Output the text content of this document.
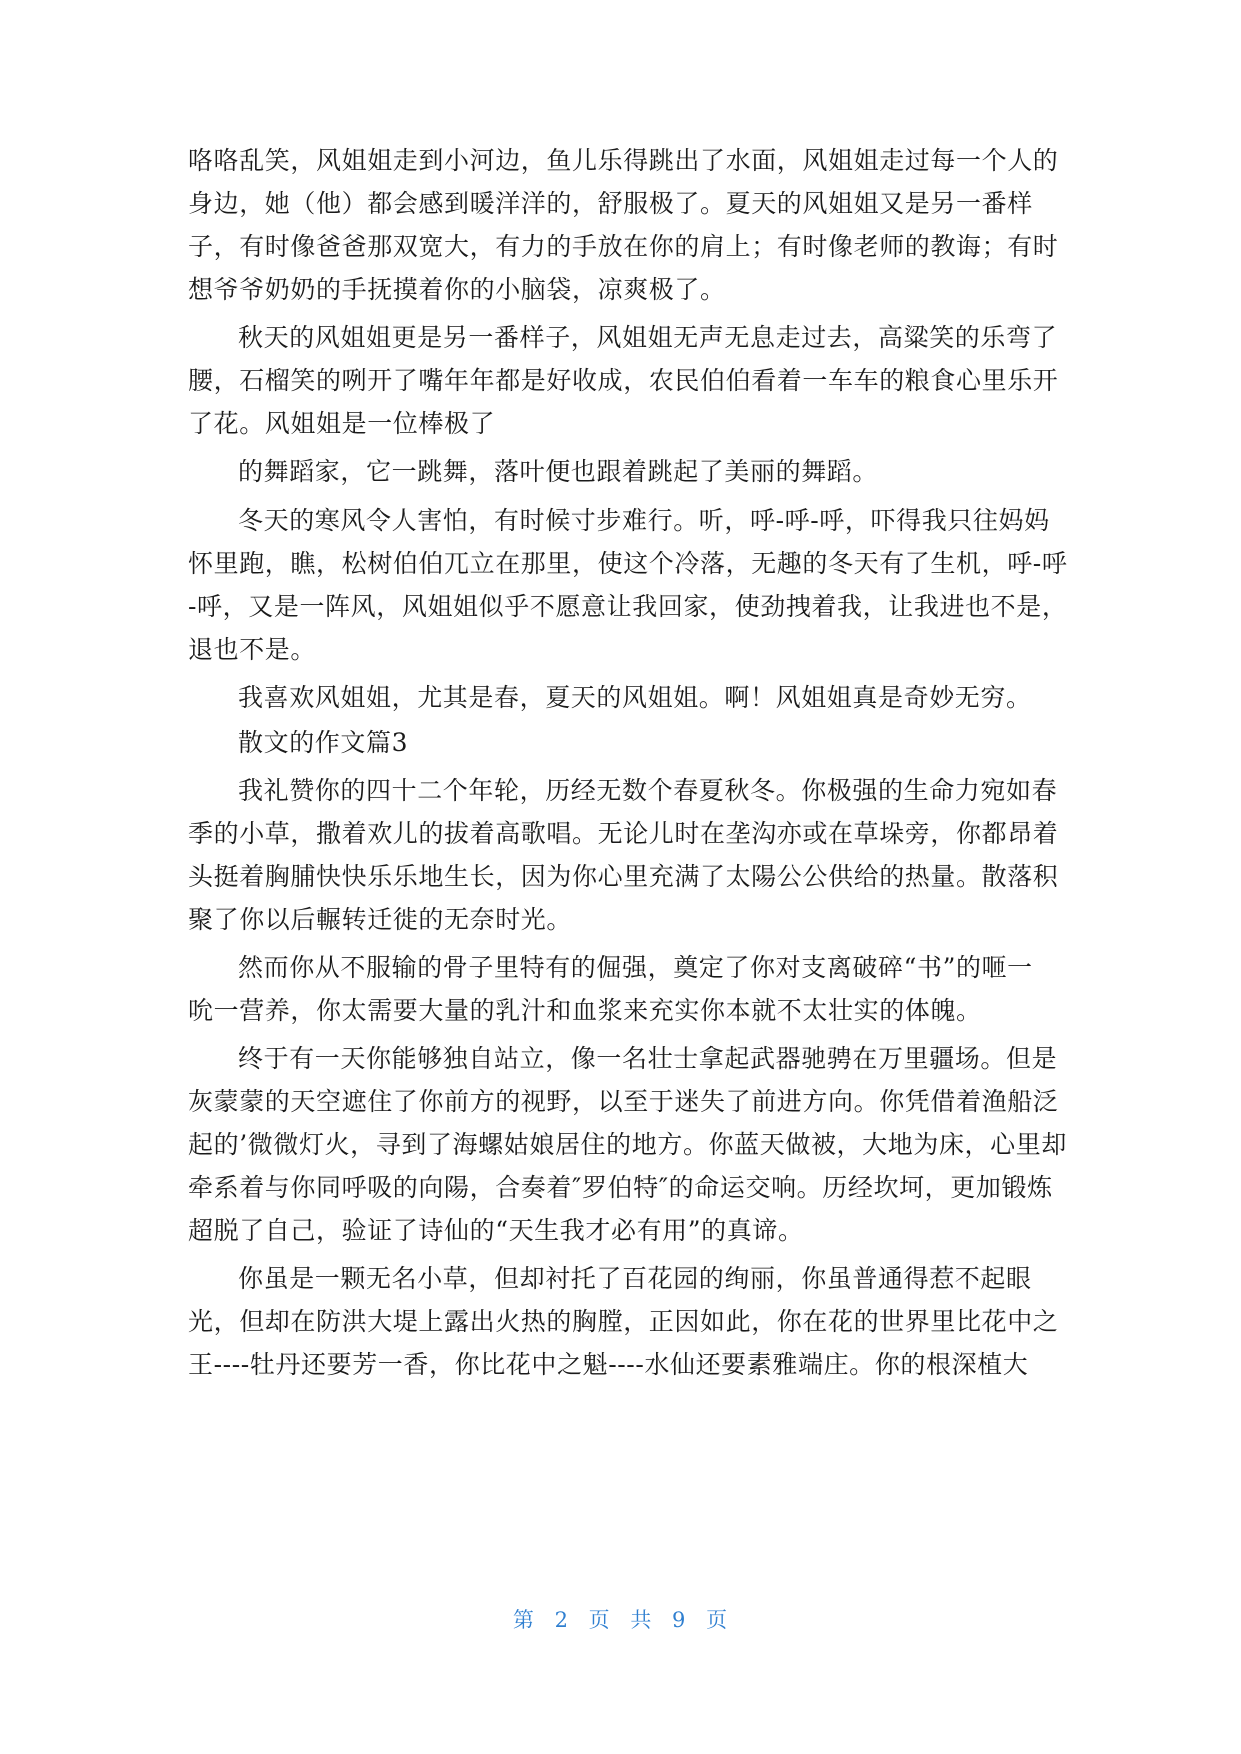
咯咯乱笑，风姐姐走到小河边，鱼儿乐得跳出了水面，风姐姐走过每一个人的
身边，她（他）都会感到暖洋洋的，舒服极了。夏天的风姐姐又是另一番样
子，有时像爸爸那双宽大，有力的手放在你的肩上；有时像老师的教诲；有时
想爷爷奶奶的手抚摸着你的小脑袋，凉爽极了。
秋天的风姐姐更是另一番样子，风姐姐无声无息走过去，高粱笑的乐弯了
腰，石榴笑的咧开了嘴年年都是好收成，农民伯伯看着一车车的粮食心里乐开
了花。风姐姐是一位棒极了
的舞蹈家，它一跳舞，落叶便也跟着跳起了美丽的舞蹈。
冬天的寒风令人害怕，有时候寸步难行。听，呼-呼-呼，吓得我只往妈妈
怀里跑，瞧，松树伯伯兀立在那里，使这个冷落，无趣的冬天有了生机，呼-呼
-呼，又是一阵风，风姐姐似乎不愿意让我回家，使劲拽着我，让我进也不是，
退也不是。
我喜欢风姐姐，尤其是春，夏天的风姐姐。啊！风姐姐真是奇妙无穷。
散文的作文篇3
我礼赞你的四十二个年轮，历经无数个春夏秋冬。你极强的生命力宛如春
季的小草，撒着欢儿的拔着高歌唱。无论儿时在垄沟亦或在草垛旁，你都昂着
头挺着胸脯快快乐乐地生长，因为你心里充满了太陽公公供给的热量。散落积
聚了你以后輾转迁徙的无奈时光。
然而你从不服输的骨子里特有的倔强，奠定了你对支离破碎“书”的咂一
吮一营养，你太需要大量的乳汁和血浆来充实你本就不太壮实的体魄。
终于有一天你能够独自站立，像一名壮士拿起武器驰骋在万里疆场。但是
灰蒙蒙的天空遮住了你前方的视野，以至于迷失了前进方向。你凭借着渔船泛
起的’微微灯火，寻到了海螺姑娘居住的地方。你蓝天做被，大地为床，心里却
牵系着与你同呼吸的向陽，合奏着″罗伯特″的命运交响。历经坎坷，更加锻炼
超脱了自己，验证了诗仙的“天生我才必有用”的真谛。
你虽是一颗无名小草，但却衬托了百花园的绚丽，你虽普通得惹不起眼
光，但却在防洪大堤上露出火热的胸膛，正因如此，你在花的世界里比花中之
王----牡丹还要芳一香，你比花中之魁----水仙还要素雅端庄。你的根深植大
第 2 页 共 9 页
